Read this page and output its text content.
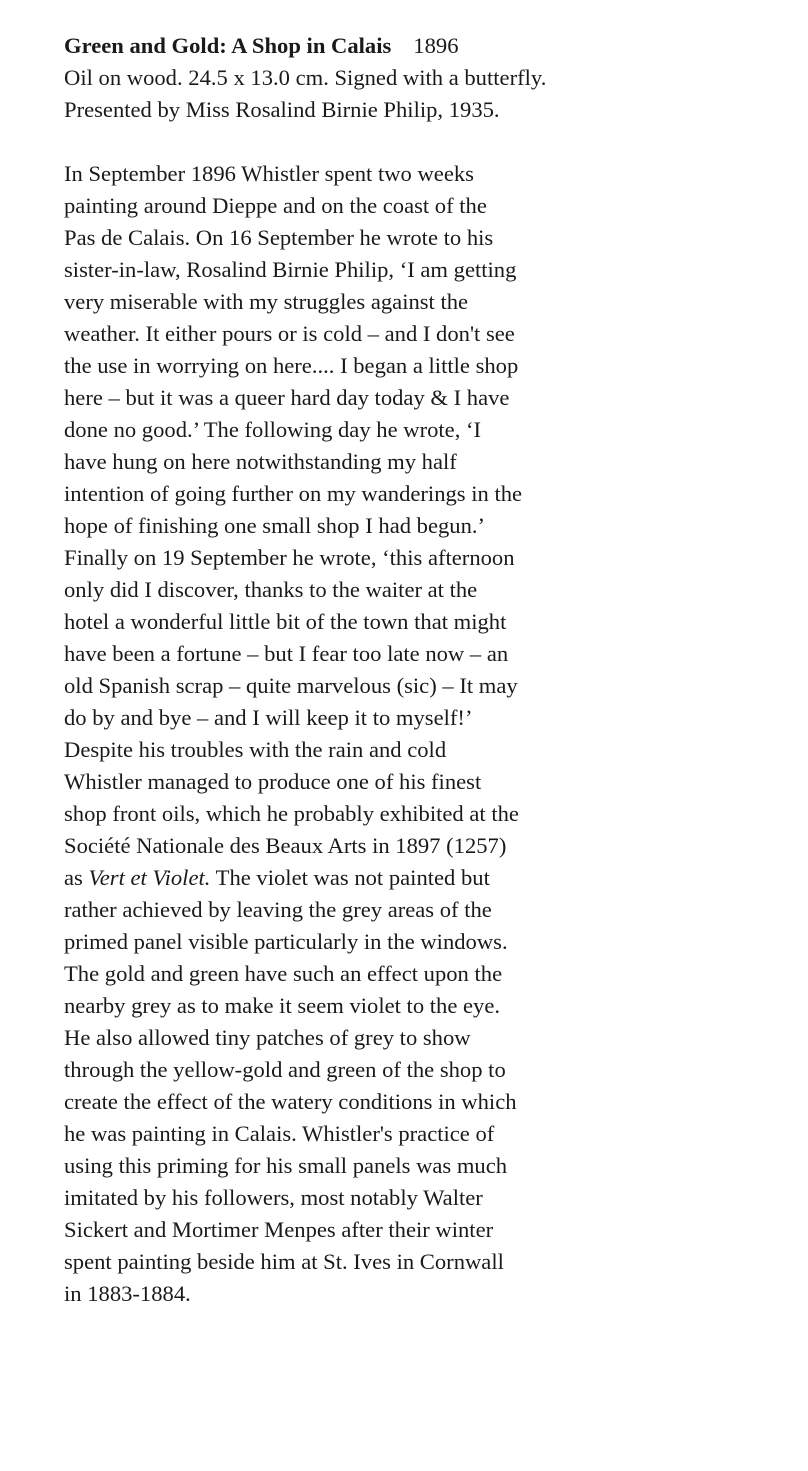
Green and Gold: A Shop in Calais 1896
Oil on wood. 24.5 x 13.0 cm. Signed with a butterfly.
Presented by Miss Rosalind Birnie Philip, 1935.
In September 1896 Whistler spent two weeks
painting around Dieppe and on the coast of the
Pas de Calais. On 16 September he wrote to his
sister-in-law, Rosalind Birnie Philip, ‘I am getting
very miserable with my struggles against the
weather. It either pours or is cold – and I don't see
the use in worrying on here.... I began a little shop
here – but it was a queer hard day today & I have
done no good.’ The following day he wrote, ‘I
have hung on here notwithstanding my half
intention of going further on my wanderings in the
hope of finishing one small shop I had begun.’
Finally on 19 September he wrote, ‘this afternoon
only did I discover, thanks to the waiter at the
hotel a wonderful little bit of the town that might
have been a fortune – but I fear too late now – an
old Spanish scrap – quite marvelous (sic) – It may
do by and bye – and I will keep it to myself!’
Despite his troubles with the rain and cold
Whistler managed to produce one of his finest
shop front oils, which he probably exhibited at the
Société Nationale des Beaux Arts in 1897 (1257)
as Vert et Violet. The violet was not painted but
rather achieved by leaving the grey areas of the
primed panel visible particularly in the windows.
The gold and green have such an effect upon the
nearby grey as to make it seem violet to the eye.
He also allowed tiny patches of grey to show
through the yellow-gold and green of the shop to
create the effect of the watery conditions in which
he was painting in Calais. Whistler's practice of
using this priming for his small panels was much
imitated by his followers, most notably Walter
Sickert and Mortimer Menpes after their winter
spent painting beside him at St. Ives in Cornwall
in 1883-1884.
